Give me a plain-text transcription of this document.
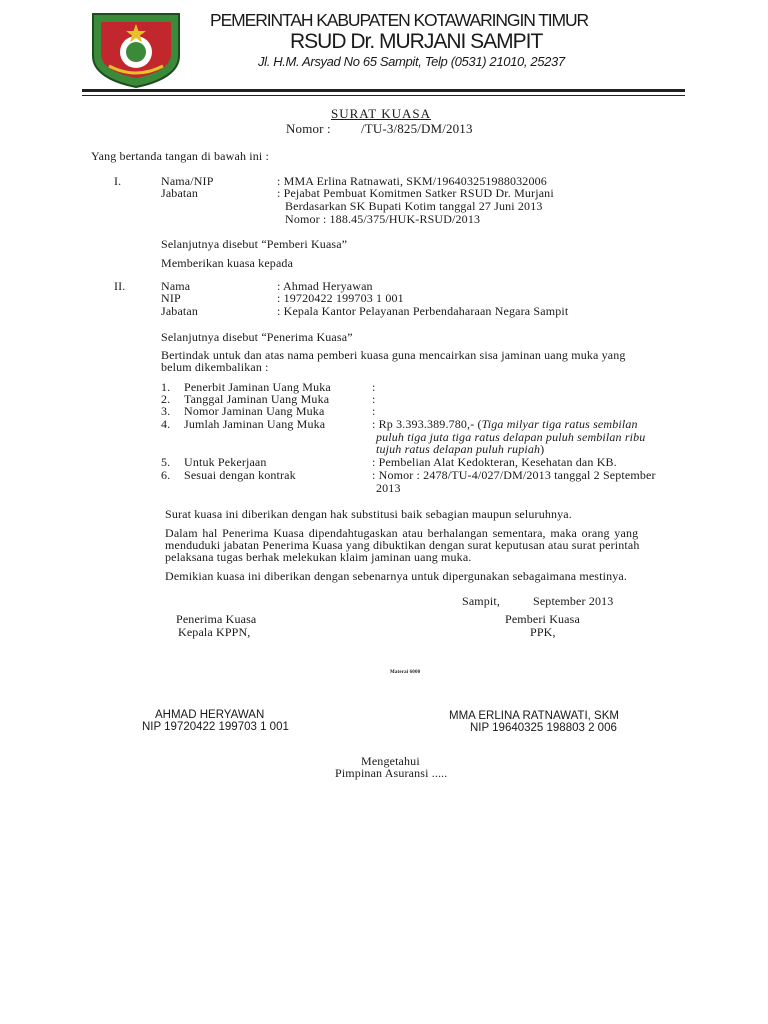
PEMERINTAH KABUPATEN KOTAWARINGIN TIMUR
RSUD Dr. MURJANI SAMPIT
Jl. H.M. Arsyad No 65 Sampit, Telp (0531) 21010, 25237
SURAT KUASA
Nomor : /TU-3/825/DM/2013
Yang bertanda tangan di bawah ini :
I.	Nama/NIP	: MMA Erlina Ratnawati, SKM/196403251988032006
Jabatan	: Pejabat Pembuat Komitmen Satker RSUD Dr. Murjani
Berdasarkan SK Bupati Kotim tanggal 27 Juni 2013
Nomor : 188.45/375/HUK-RSUD/2013
Selanjutnya disebut “Pemberi Kuasa”
Memberikan kuasa kepada
II.	Nama	: Ahmad Heryawan
NIP	: 19720422 199703 1 001
Jabatan	: Kepala Kantor Pelayanan Perbendaharaan Negara Sampit
Selanjutnya disebut “Penerima Kuasa”
Bertindak untuk dan atas nama pemberi kuasa guna mencairkan sisa jaminan uang muka yang
belum dikembalikan :
1. Penerbit Jaminan Uang Muka	:
2. Tanggal Jaminan Uang Muka	:
3. Nomor Jaminan Uang Muka	:
4. Jumlah Jaminan Uang Muka	: Rp 3.393.389.780,- (Tiga milyar tiga ratus sembilan
puluh tiga juta tiga ratus delapan puluh sembilan ribu
tujuh ratus delapan puluh rupiah)
5. Untuk Pekerjaan	: Pembelian Alat Kedokteran, Kesehatan dan KB.
6. Sesuai dengan kontrak	: Nomor : 2478/TU-4/027/DM/2013 tanggal 2 September
2013
Surat kuasa ini diberikan dengan hak substitusi baik sebagian maupun seluruhnya.
Dalam hal Penerima Kuasa dipendahtugaskan atau berhalangan sementara, maka orang yang
menduduki jabatan Penerima Kuasa yang dibuktikan dengan surat keputusan atau surat perintah
pelaksana tugas berhak melekukan klaim jaminan uang muka.
Demikian kuasa ini diberikan dengan sebenarnya untuk dipergunakan sebagaimana mestinya.
Sampit,	September 2013
Penerima Kuasa
Kepala KPPN,
Pemberi Kuasa
PPK,
Materai 6000
AHMAD HERYAWAN
NIP 19720422 199703 1 001
MMA ERLINA RATNAWATI, SKM
NIP 19640325 198803 2 006
Mengetahui
Pimpinan Asuransi .....
